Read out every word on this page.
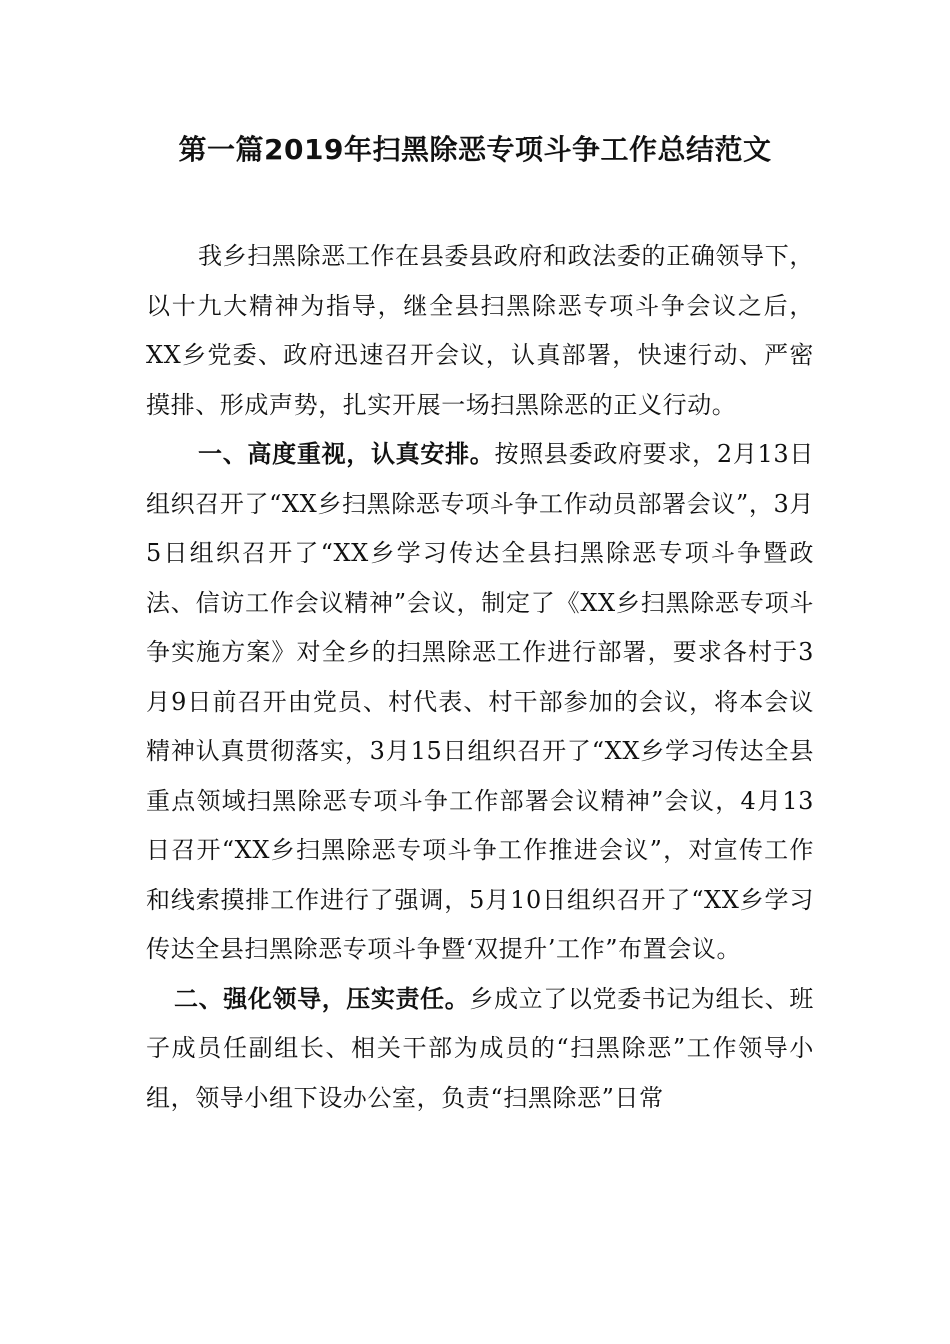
第一篇2019年扫黑除恶专项斗争工作总结范文

我乡扫黑除恶工作在县委县政府和政法委的正确领导下，以十九大精神为指导，继全县扫黑除恶专项斗争会议之后，XX乡党委、政府迅速召开会议，认真部署，快速行动、严密摸排、形成声势，扎实开展一场扫黑除恶的正义行动。

一、高度重视，认真安排。按照县委政府要求，2月13日组织召开了“XX乡扫黑除恶专项斗争工作动员部署会议”，3月5日组织召开了“XX乡学习传达全县扫黑除恶专项斗争暨政法、信访工作会议精神”会议，制定了《XX乡扫黑除恶专项斗争实施方案》对全乡的扫黑除恶工作进行部署，要求各村于3月9日前召开由党员、村代表、村干部参加的会议，将本会议精神认真贯彻落实，3月15日组织召开了“XX乡学习传达全县重点领域扫黑除恶专项斗争工作部署会议精神”会议，4月13日召开“XX乡扫黑除恶专项斗争工作推进会议”，对宣传工作和线索摸排工作进行了强调，5月10日组织召开了“XX乡学习传达全县扫黑除恶专项斗争暨‘双提升’工作”布置会议。

二、强化领导，压实责任。乡成立了以党委书记为组长、班子成员任副组长、相关干部为成员的“扫黑除恶”工作领导小组，领导小组下设办公室，负责“扫黑除恶”日常
